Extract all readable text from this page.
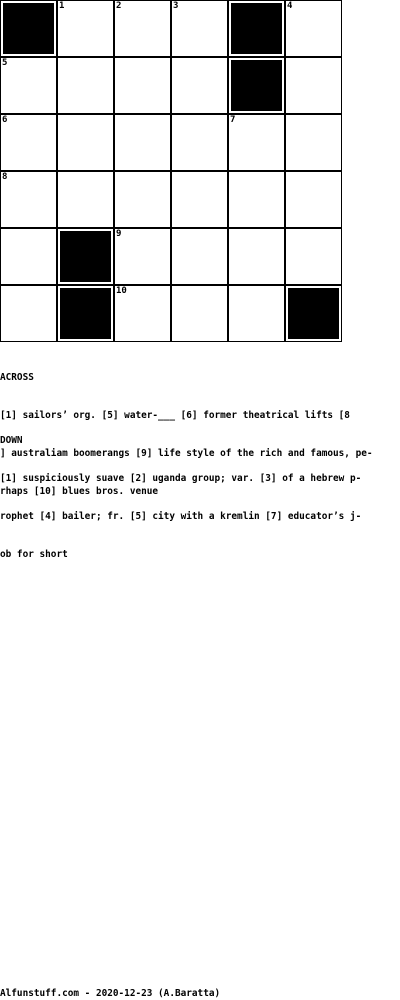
1	2	3	4
5
6	7
8
9
10

ACROSS

[1] sailors’ org. [5] water-___ [6] former theatrical lifts [8

] australiam boomerangs [9] life style of the rich and famous, pe-

rhaps [10] blues bros. venue

DOWN

[1] suspiciously suave [2] uganda group; var. [3] of a hebrew p-

rophet [4] bailer; fr. [5] city with a kremlin [7] educator’s j-

ob for short

Alfunstuff.com - 2020-12-23 (A.Baratta)
